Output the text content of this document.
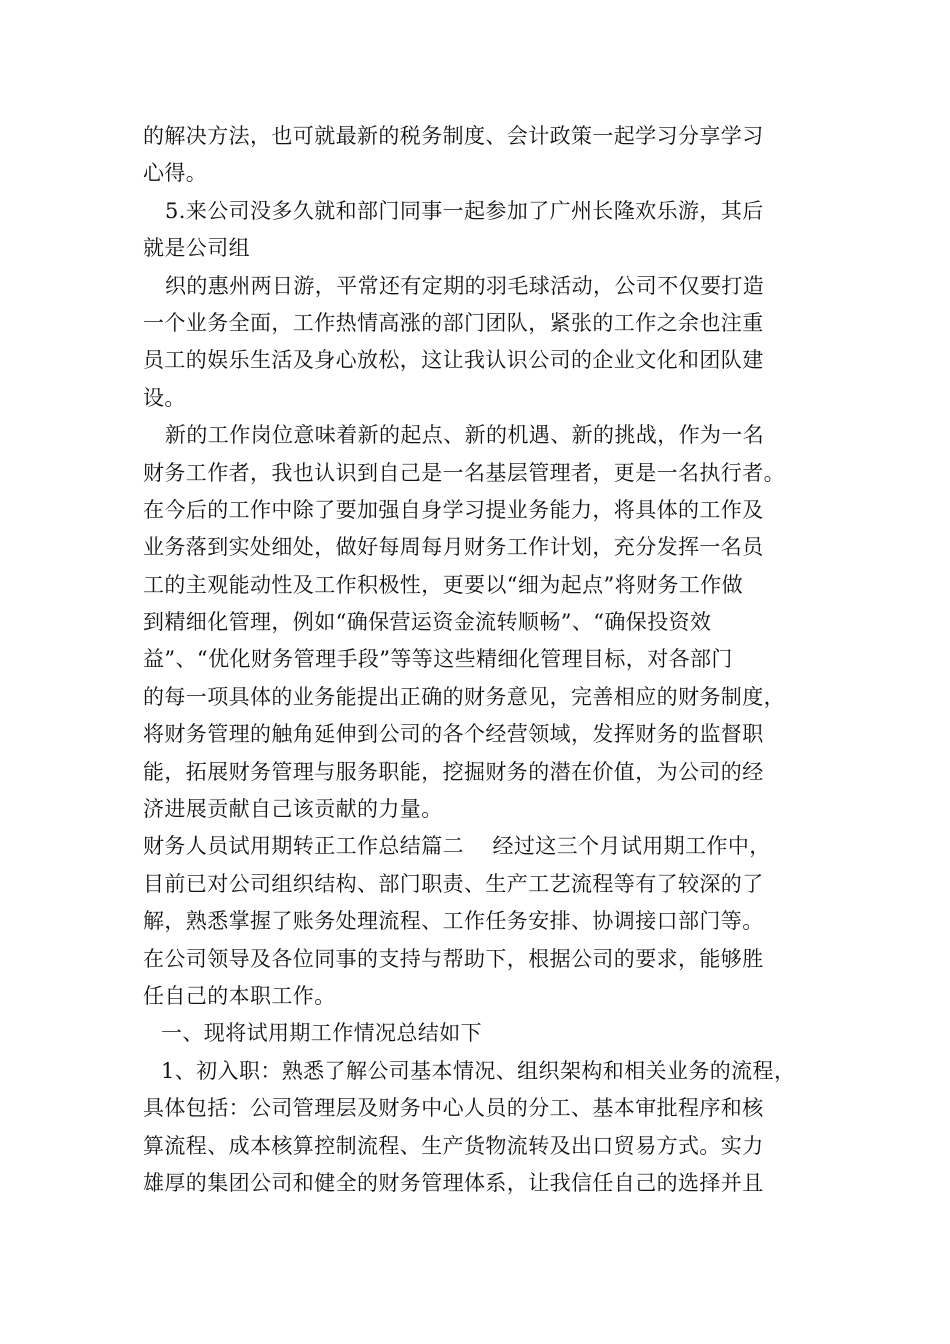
的解决方法，也可就最新的税务制度、会计政策一起学习分享学习
心得。
5.来公司没多久就和部门同事一起参加了广州长隆欢乐游，其后
就是公司组
织的惠州两日游，平常还有定期的羽毛球活动，公司不仅要打造
一个业务全面，工作热情高涨的部门团队，紧张的工作之余也注重
员工的娱乐生活及身心放松，这让我认识公司的企业文化和团队建
设。
新的工作岗位意味着新的起点、新的机遇、新的挑战，作为一名
财务工作者，我也认识到自己是一名基层管理者，更是一名执行者。
在今后的工作中除了要加强自身学习提业务能力，将具体的工作及
业务落到实处细处，做好每周每月财务工作计划，充分发挥一名员
工的主观能动性及工作积极性，更要以“细为起点”将财务工作做
到精细化管理，例如“确保营运资金流转顺畅”、“确保投资效
益”、“优化财务管理手段”等等这些精细化管理目标，对各部门
的每一项具体的业务能提出正确的财务意见，完善相应的财务制度，
将财务管理的触角延伸到公司的各个经营领域，发挥财务的监督职
能，拓展财务管理与服务职能，挖掘财务的潜在价值，为公司的经
济进展贡献自己该贡献的力量。
财务人员试用期转正工作总结篇二　 经过这三个月试用期工作中，
目前已对公司组织结构、部门职责、生产工艺流程等有了较深的了
解，熟悉掌握了账务处理流程、工作任务安排、协调接口部门等。
在公司领导及各位同事的支持与帮助下，根据公司的要求，能够胜
任自己的本职工作。
一、现将试用期工作情况总结如下
1、初入职：熟悉了解公司基本情况、组织架构和相关业务的流程，
具体包括：公司管理层及财务中心人员的分工、基本审批程序和核
算流程、成本核算控制流程、生产货物流转及出口贸易方式。实力
雄厚的集团公司和健全的财务管理体系，让我信任自己的选择并且
